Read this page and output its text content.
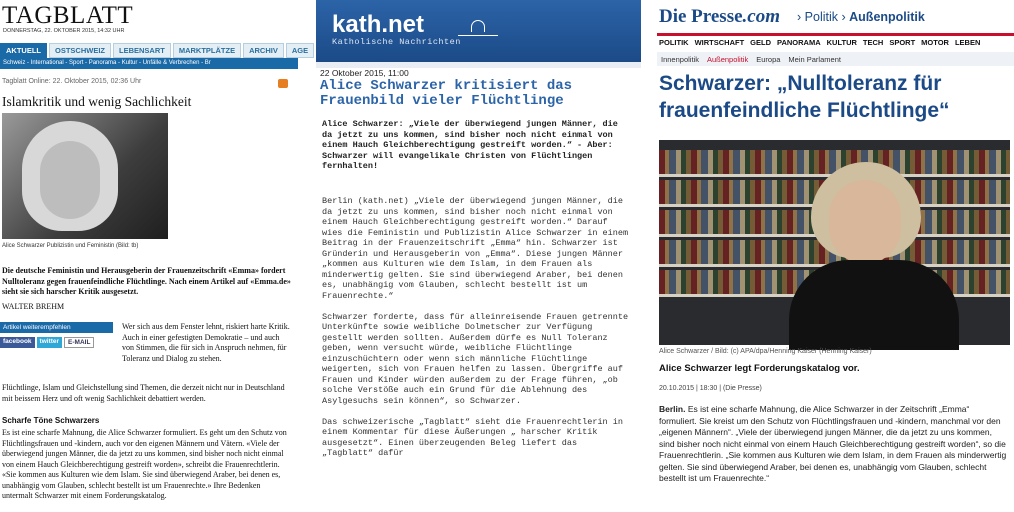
TAGBLATT
DONNERSTAG, 22. OKTOBER 2015, 14:32 UHR
AKTUELL	OSTSCHWEIZ	LEBENSART	MARKTPLÄTZE	ARCHIV	AGE
Schweiz - International - Sport - Panorama - Kultur - Unfälle & Verbrechen - Br
Tagblatt Online: 22. Oktober 2015, 02:36 Uhr
Islamkritik und wenig Sachlichkeit
Alice Schwarzer Publizistin und Feministin (Bild: tb)
Die deutsche Feministin und Herausgeberin der Frauenzeitschrift «Emma» fordert Nulltoleranz gegen frauenfeindliche Flüchtlinge. Nach einem Artikel auf «Emma.de» sieht sie sich harscher Kritik ausgesetzt.
WALTER BREHM
Artikel weiterempfehlen
facebook	twitter	E-MAIL
Wer sich aus dem Fenster lehnt, riskiert harte Kritik. Auch in einer gefestigten Demokratie – und auch von Stimmen, die für sich in Anspruch nehmen, für Toleranz und Dialog zu stehen.
Flüchtlinge, Islam und Gleichstellung sind Themen, die derzeit nicht nur in Deutschland mit beissem Herz und oft wenig Sachlichkeit debattiert werden.
Scharfe Töne Schwarzers
Es ist eine scharfe Mahnung, die Alice Schwarzer formuliert. Es geht um den Schutz von Flüchtlingsfrauen und -kindern, auch vor den eigenen Männern und Vätern. «Viele der überwiegend jungen Männer, die da jetzt zu uns kommen, sind bisher noch nicht einmal von einem Hauch Gleichberechtigung gestreift worden», schreibt die Frauenrechtlerin. «Sie kommen aus Kulturen wie dem Islam. Sie sind überwiegend Araber, bei denen es, unabhängig vom Glauben, schlecht bestellt ist um Frauenrechte.» Ihre Bedenken untermalt Schwarzer mit einem Forderungskatalog.
kath.net
Katholische Nachrichten
22 Oktober 2015, 11:00
Alice Schwarzer kritisiert das Frauenbild vieler Flüchtlinge
Alice Schwarzer: „Viele der überwiegend jungen Männer, die da jetzt zu uns kommen, sind bisher noch nicht einmal von einem Hauch Gleichberechtigung gestreift worden.“ - Aber: Schwarzer will evangelikale Christen von Flüchtlingen fernhalten!

Berlin (kath.net) „Viele der überwiegend jungen Männer, die da jetzt zu uns kommen, sind bisher noch nicht einmal von einem Hauch Gleichberechtigung gestreift worden.“ Darauf wies die Feministin und Publizistin Alice Schwarzer in einem Beitrag in der Frauenzeitschrift „Emma“ hin. Schwarzer ist Gründerin und Herausgeberin von „Emma“. Diese jungen Männer „kommen aus Kulturen wie dem Islam, in dem Frauen als minderwertig gelten. Sie sind überwiegend Araber, bei denen es, unabhängig vom Glauben, schlecht bestellt ist um Frauenrechte.“

Schwarzer forderte, dass für alleinreisende Frauen getrennte Unterkünfte sowie weibliche Dolmetscher zur Verfügung gestellt werden sollten. Außerdem dürfe es Null Toleranz geben, wenn versucht würde, weibliche Flüchtlinge einzuschüchtern oder wenn sich männliche Flüchtlinge weigerten, sich von Frauen helfen zu lassen. Übergriffe auf Frauen und Kinder würden außerdem zu der Frage führen, „ob solche Verstöße auch ein Grund für die Ablehnung des Asylgesuchs sein können“, so Schwarzer.

Das schweizerische „Tagblatt“ sieht die Frauenrechtlerin in einem Kommentar für diese Äußerungen „ harscher Kritik ausgesetzt“. Einen überzeugenden Beleg liefert das „Tagblatt“ dafür

Die Presse.com › Politik › Außenpolitik
POLITIK WIRTSCHAFT GELD PANORAMA KULTUR TECH SPORT MOTOR LEBEN
Innenpolitik Außenpolitik Europa Mein Parlament
Schwarzer: „Nulltoleranz für frauenfeindliche Flüchtlinge“
Alice Schwarzer / Bild: (c) APA/dpa/Henning Kaiser (Henning Kaiser)
Alice Schwarzer legt Forderungskatalog vor.
20.10.2015 | 18:30 | (Die Presse)
Berlin. Es ist eine scharfe Mahnung, die Alice Schwarzer in der Zeitschrift „Emma“ formuliert. Sie kreist um den Schutz von Flüchtlingsfrauen und -kindern, manchmal vor den „eigenen Männern“. „Viele der überwiegend jungen Männer, die da jetzt zu uns kommen, sind bisher noch nicht einmal von einem Hauch Gleichberechtigung gestreift worden“, so die Frauenrechtlerin. „Sie kommen aus Kulturen wie dem Islam, in dem Frauen als minderwertig gelten. Sie sind überwiegend Araber, bei denen es, unabhängig vom Glauben, schlecht bestellt ist um Frauenrechte.“
